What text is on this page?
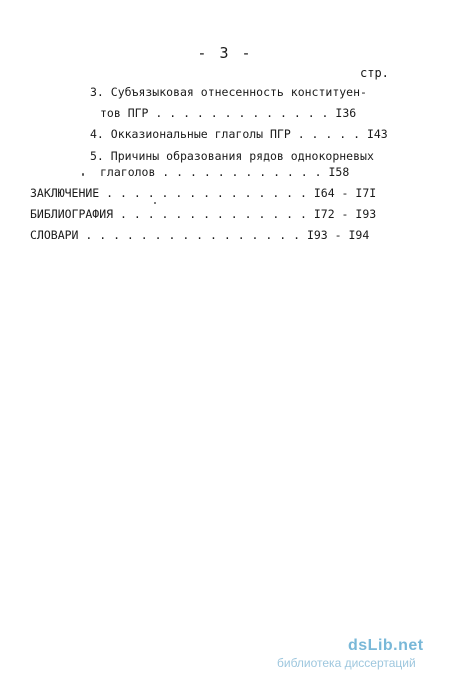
- 3 -
стр.
3. Субъязыковая отнесенность конституен-
тов ПГР . . . . . . . . . . . . . I36
4. Окказиональные глаголы ПГР . . . . . I43
5. Причины образования рядов однокорневых
глаголов . . . . . . . . . . . . I58
ЗАКЛЮЧЕНИЕ . . . . . . . . . . . . . . . I64 - I7I
БИБЛИОГРАФИЯ . . . . . . . . . . . . . . I72 - I93
СЛОВАРИ . . . . . . . . . . . . . . . . I93 - I94
dsLib.net
библиотека диссертаций
